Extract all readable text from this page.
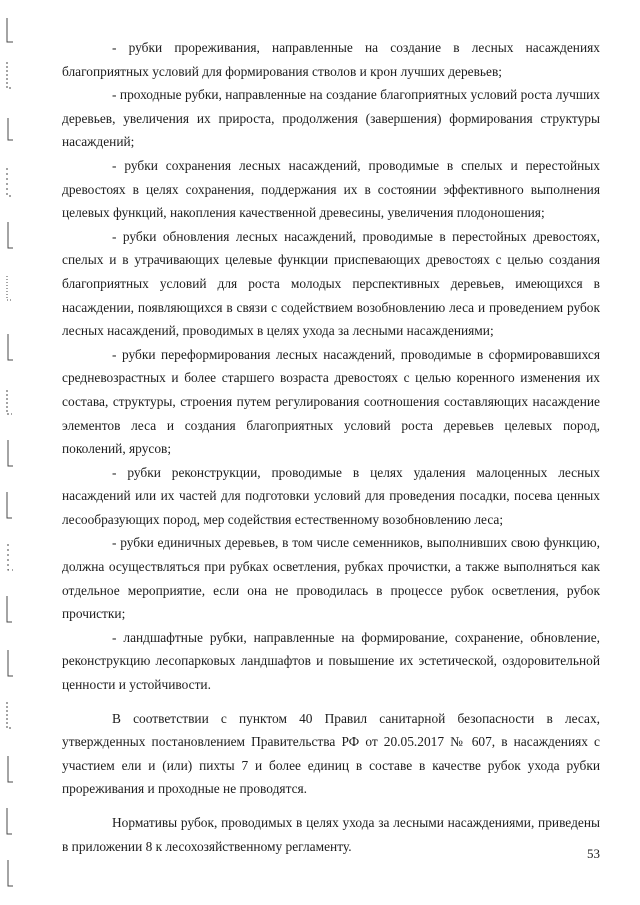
- рубки прореживания, направленные на создание в лесных насаждениях благоприятных условий для формирования стволов и крон лучших деревьев;

- проходные рубки, направленные на создание благоприятных условий роста лучших деревьев, увеличения их прироста, продолжения (завершения) формирования структуры насаждений;

- рубки сохранения лесных насаждений, проводимые в спелых и перестойных древостоях в целях сохранения, поддержания их в состоянии эффективного выполнения целевых функций, накопления качественной древесины, увеличения плодоношения;

- рубки обновления лесных насаждений, проводимые в перестойных древостоях, спелых и в утрачивающих целевые функции приспевающих древостоях с целью создания благоприятных условий для роста молодых перспективных деревьев, имеющихся в насаждении, появляющихся в связи с содействием возобновлению леса и проведением рубок лесных насаждений, проводимых в целях ухода за лесными насаждениями;

- рубки переформирования лесных насаждений, проводимые в сформировавшихся средневозрастных и более старшего возраста древостоях с целью коренного изменения их состава, структуры, строения путем регулирования соотношения составляющих насаждение элементов леса и создания благоприятных условий роста деревьев целевых пород, поколений, ярусов;

- рубки реконструкции, проводимые в целях удаления малоценных лесных насаждений или их частей для подготовки условий для проведения посадки, посева ценных лесообразующих пород, мер содействия естественному возобновлению леса;

- рубки единичных деревьев, в том числе семенников, выполнивших свою функцию, должна осуществляться при рубках осветления, рубках прочистки, а также выполняться как отдельное мероприятие, если она не проводилась в процессе рубок осветления, рубок прочистки;

- ландшафтные рубки, направленные на формирование, сохранение, обновление, реконструкцию лесопарковых ландшафтов и повышение их эстетической, оздоровительной ценности и устойчивости.

В соответствии с пунктом 40 Правил санитарной безопасности в лесах, утвержденных постановлением Правительства РФ от 20.05.2017 № 607, в насаждениях с участием ели и (или) пихты 7 и более единиц в составе в качестве рубок ухода рубки прореживания и проходные не проводятся.

Нормативы рубок, проводимых в целях ухода за лесными насаждениями, приведены в приложении 8 к лесохозяйственному регламенту.	53
